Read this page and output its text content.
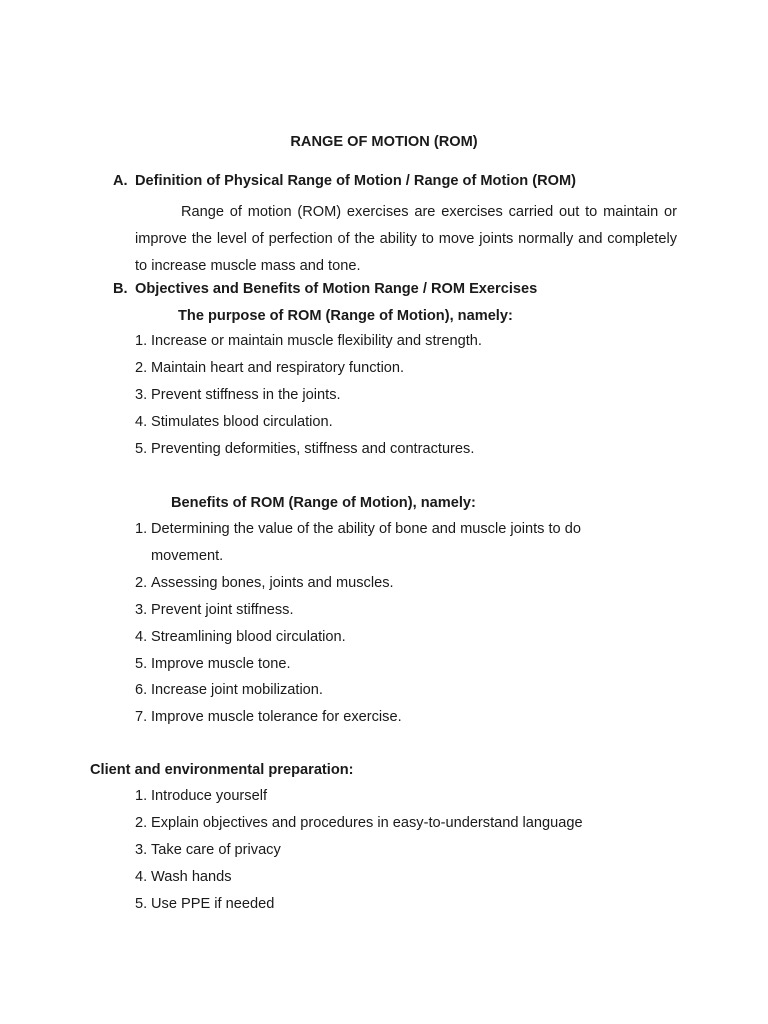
RANGE OF MOTION (ROM)
A. Definition of Physical Range of Motion / Range of Motion (ROM)
Range of motion (ROM) exercises are exercises carried out to maintain or improve the level of perfection of the ability to move joints normally and completely to increase muscle mass and tone.
B. Objectives and Benefits of Motion Range / ROM Exercises
The purpose of ROM (Range of Motion), namely:
1. Increase or maintain muscle flexibility and strength.
2. Maintain heart and respiratory function.
3. Prevent stiffness in the joints.
4. Stimulates blood circulation.
5. Preventing deformities, stiffness and contractures.
Benefits of ROM (Range of Motion), namely:
1. Determining the value of the ability of bone and muscle joints to do movement.
2. Assessing bones, joints and muscles.
3. Prevent joint stiffness.
4. Streamlining blood circulation.
5. Improve muscle tone.
6. Increase joint mobilization.
7. Improve muscle tolerance for exercise.
Client and environmental preparation:
1. Introduce yourself
2. Explain objectives and procedures in easy-to-understand language
3. Take care of privacy
4. Wash hands
5. Use PPE if needed
